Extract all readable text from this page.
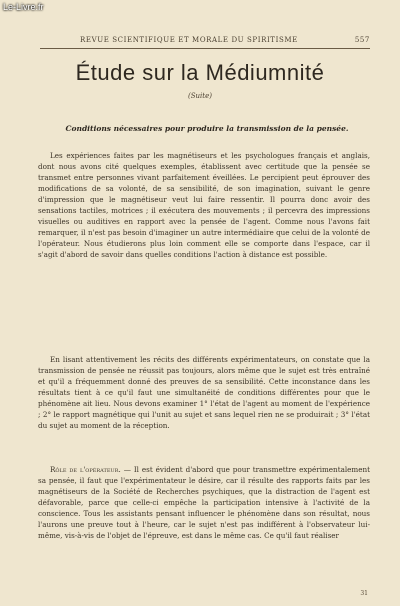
Le-Livre.fr
REVUE SCIENTIFIQUE ET MORALE DU SPIRITISME	557
Étude sur la Médiumnité
(Suite)
Conditions nécessaires pour produire la transmission de la pensée.

Les expériences faites par les magnétiseurs et les psychologues français et anglais, dont nous avons cité quelques exemples, établissent avec certitude que la pensée se transmet entre personnes vivant parfaitement éveillées. Le percipient peut éprouver des modifications de sa volonté, de sa sensibilité, de son imagination, suivant le genre d'impression que le magnétiseur veut lui faire ressentir. Il pourra donc avoir des sensations tactiles, motrices ; il exécutera des mouvements ; il percevra des impressions visuelles ou auditives en rapport avec la pensée de l'agent. Comme nous l'avons fait remarquer, il n'est pas besoin d'imaginer un autre intermédiaire que celui de la volonté de l'opérateur. Nous étudierons plus loin comment elle se comporte dans l'espace, car il s'agit d'abord de savoir dans quelles conditions l'action à distance est possible.

En lisant attentivement les récits des différents expérimentateurs, on constate que la transmission de pensée ne réussit pas toujours, alors même que le sujet est très entraîné et qu'il a fréquemment donné des preuves de sa sensibilité. Cette inconstance dans les résultats tient à ce qu'il faut une simultanéité de conditions différentes pour que le phénomène ait lieu. Nous devons examiner 1° l'état de l'agent au moment de l'expérience ; 2° le rapport magnétique qui l'unit au sujet et sans lequel rien ne se produirait ; 3° l'état du sujet au moment de la réception.

Rôle de l'opérateur. — Il est évident d'abord que pour transmettre expérimentalement sa pensée, il faut que l'expérimentateur le désire, car il résulte des rapports faits par les magnétiseurs de la Société de Recherches psychiques, que la distraction de l'agent est défavorable, parce que celle-ci empêche la participation intensive à l'activité de la conscience. Tous les assistants pensant influencer le phénomène dans son résultat, nous l'aurons une preuve tout à l'heure, car le sujet n'est pas indifférent à l'observateur lui-même, vis-à-vis de l'objet de l'épreuve, est dans le même cas. Ce qu'il faut réaliser

31
